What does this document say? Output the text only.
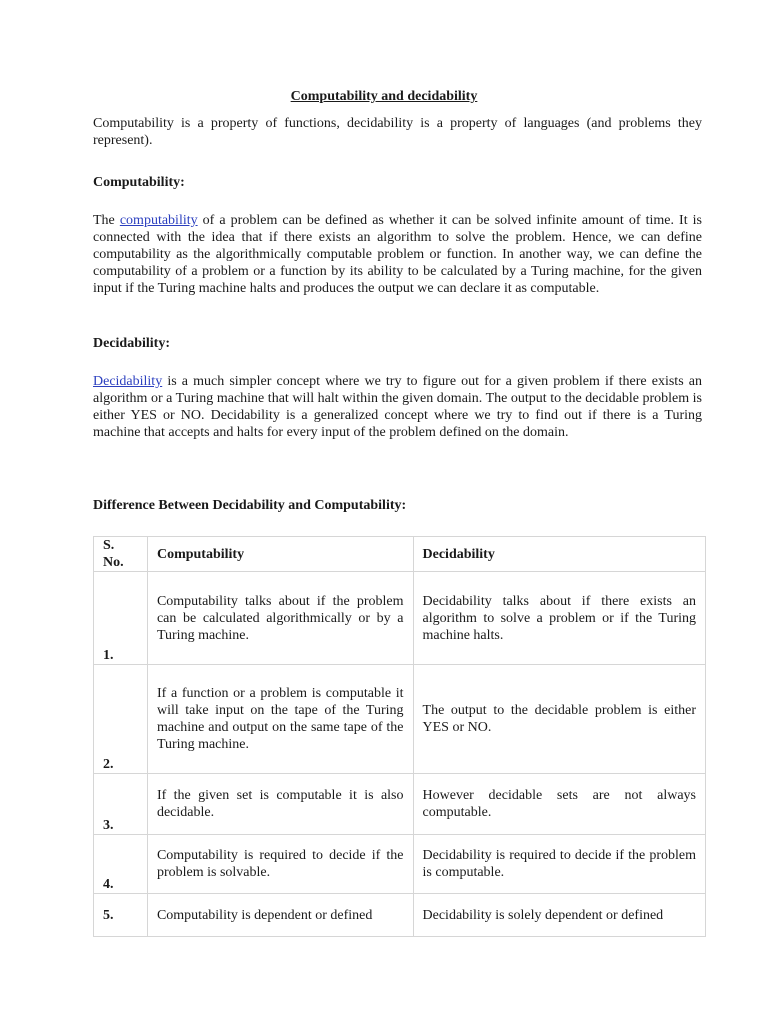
Computability and decidability
Computability is a property of functions, decidability is a property of languages (and problems they represent).
Computability:
The computability of a problem can be defined as whether it can be solved infinite amount of time. It is connected with the idea that if there exists an algorithm to solve the problem. Hence, we can define computability as the algorithmically computable problem or function. In another way, we can define the computability of a problem or a function by its ability to be calculated by a Turing machine, for the given input if the Turing machine halts and produces the output we can declare it as computable.
Decidability:
Decidability is a much simpler concept where we try to figure out for a given problem if there exists an algorithm or a Turing machine that will halt within the given domain. The output to the decidable problem is either YES or NO. Decidability is a generalized concept where we try to find out if there is a Turing machine that accepts and halts for every input of the problem defined on the domain.
Difference Between Decidability and Computability:
S. No.	Computability	Decidability
1.	Computability talks about if the problem can be calculated algorithmically or by a Turing machine.	Decidability talks about if there exists an algorithm to solve a problem or if the Turing machine halts.
2.	If a function or a problem is computable it will take input on the tape of the Turing machine and output on the same tape of the Turing machine.	The output to the decidable problem is either YES or NO.
3.	If the given set is computable it is also decidable.	However decidable sets are not always computable.
4.	Computability is required to decide if the problem is solvable.	Decidability is required to decide if the problem is computable.
5.	Computability is dependent or defined	Decidability is solely dependent or defined
